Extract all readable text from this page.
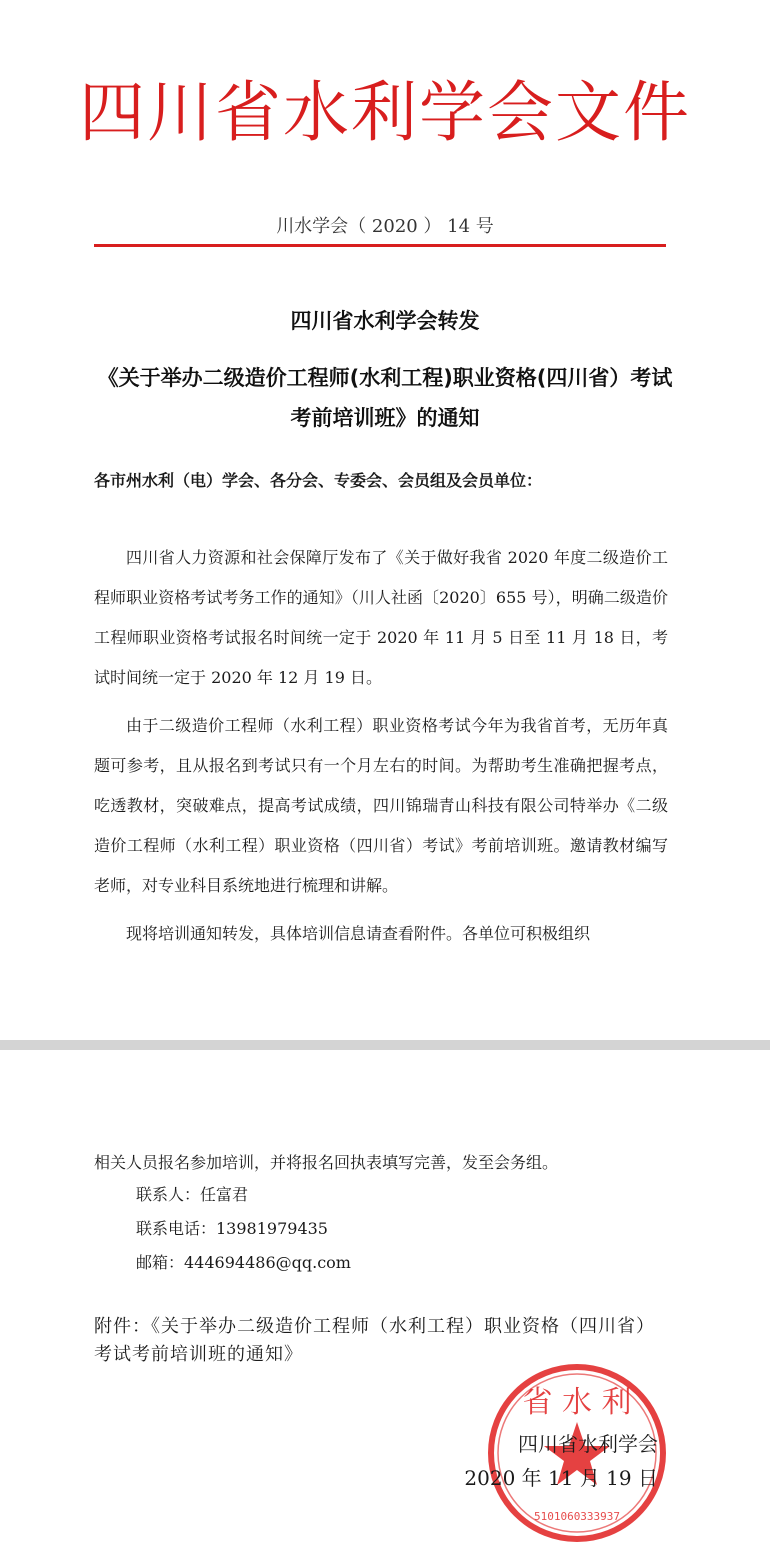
四川省水利学会文件
川水学会（ 2020 ） 14 号
四川省水利学会转发
《关于举办二级造价工程师(水利工程)职业资格(四川省）考试考前培训班》的通知
各市州水利（电）学会、各分会、专委会、会员组及会员单位：
四川省人力资源和社会保障厅发布了《关于做好我省 2020 年度二级造价工程师职业资格考试考务工作的通知》（川人社函〔2020〕655 号），明确二级造价工程师职业资格考试报名时间统一定于 2020 年 11 月 5 日至 11 月 18 日，考试时间统一定于 2020 年 12 月 19 日。
由于二级造价工程师（水利工程）职业资格考试今年为我省首考，无历年真题可参考，且从报名到考试只有一个月左右的时间。为帮助考生准确把握考点，吃透教材，突破难点，提高考试成绩，四川锦瑞青山科技有限公司特举办《二级造价工程师（水利工程）职业资格（四川省）考试》考前培训班。邀请教材编写老师，对专业科目系统地进行梳理和讲解。
现将培训通知转发，具体培训信息请查看附件。各单位可积极组织
相关人员报名参加培训，并将报名回执表填写完善，发至会务组。
联系人：任富君
联系电话：13981979435
邮箱：444694486@qq.com
附件：《关于举办二级造价工程师（水利工程）职业资格（四川省）考试考前培训班的通知》
省 水 利
5101060333937
四川省水利学会
2020 年 11 月 19 日
